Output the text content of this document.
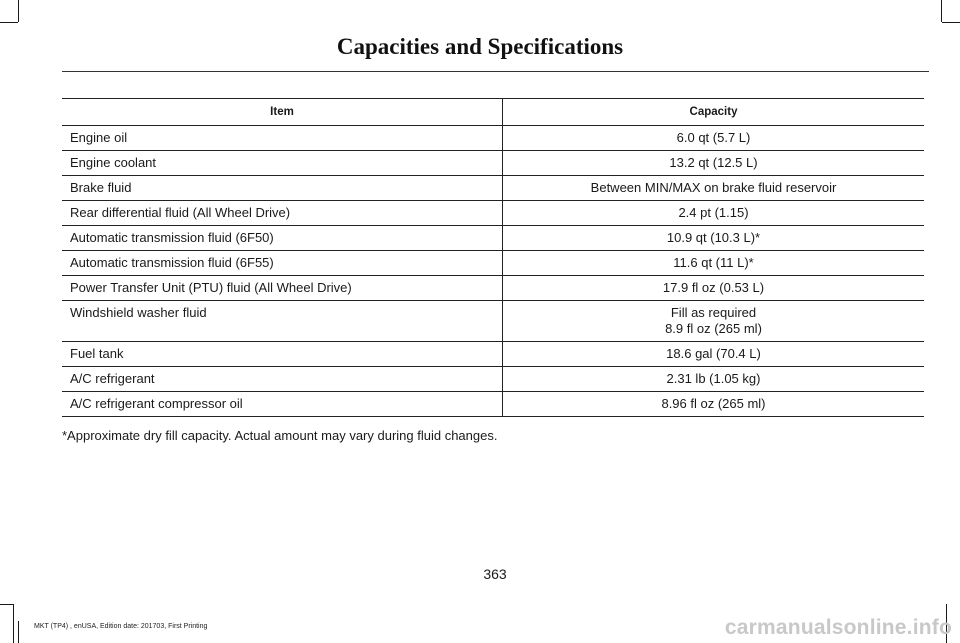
Capacities and Specifications
Item	Capacity
Engine oil	6.0 qt (5.7 L)

Engine coolant	13.2 qt (12.5 L)

Brake fluid	Between MIN/MAX on brake fluid reservoir

Rear differential fluid (All Wheel Drive)	2.4 pt (1.15)

Automatic transmission fluid (6F50)	10.9 qt (10.3 L)*

Automatic transmission fluid (6F55)	11.6 qt (11 L)*

Power Transfer Unit (PTU) fluid (All Wheel Drive)	17.9 fl oz (0.53 L)

Windshield washer fluid	Fill as required
8.9 fl oz (265 ml)

Fuel tank	18.6 gal (70.4 L)

A/C refrigerant	2.31 lb (1.05 kg)

A/C refrigerant compressor oil	8.96 fl oz (265 ml)
*Approximate dry fill capacity. Actual amount may vary during fluid changes.
363
MKT (TP4) , enUSA, Edition date: 201703, First Printing	carmanualsonline.info
